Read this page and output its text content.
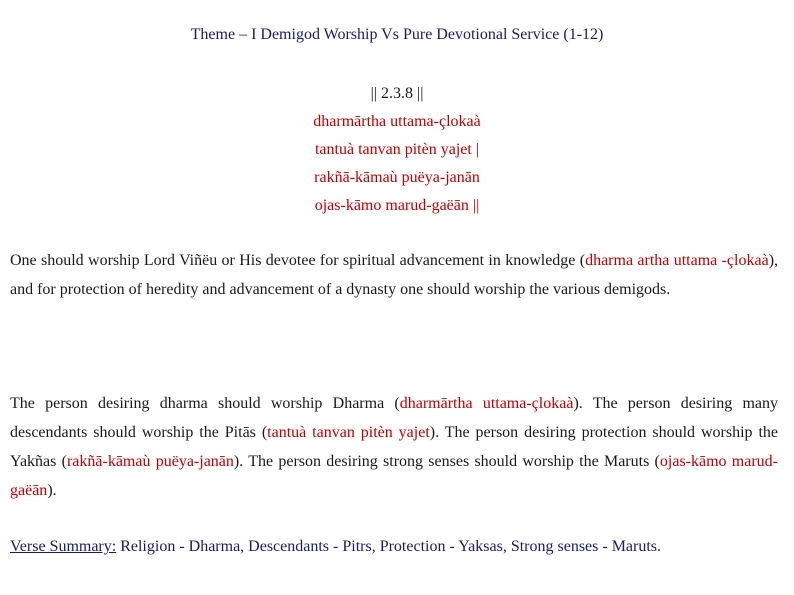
Theme – I Demigod Worship Vs Pure Devotional Service (1-12)
|| 2.3.8 ||
dharmārtha uttama-çlokaà
tantuà tanvan pitèn yajet |
rakñā-kāmaù puëya-janān
ojas-kāmo marud-gaëān ||
One should worship Lord Viñëu or His devotee for spiritual advancement in knowledge (dharma artha uttama -çlokaà), and for protection of heredity and advancement of a dynasty one should worship the various demigods.
The person desiring dharma should worship Dharma (dharmārtha uttama-çlokaà). The person desiring many descendants should worship the Pitās (tantuà tanvan pitèn yajet). The person desiring protection should worship the Yakñas (rakñā-kāmaù puëya-janān). The person desiring strong senses should worship the Maruts (ojas-kāmo marud-gaëān).
Verse Summary: Religion - Dharma, Descendants - Pitrs, Protection - Yaksas, Strong senses - Maruts.
